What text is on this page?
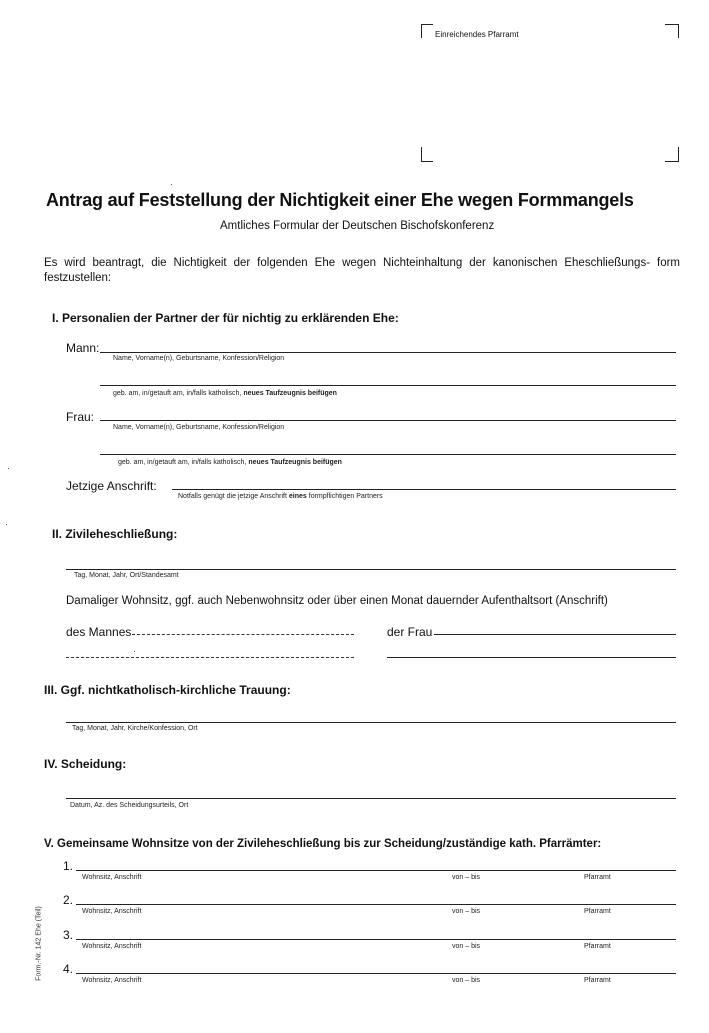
Einreichendes Pfarramt
Antrag auf Feststellung der Nichtigkeit einer Ehe wegen Formmangels
Amtliches Formular der Deutschen Bischofskonferenz
Es wird beantragt, die Nichtigkeit der folgenden Ehe wegen Nichteinhaltung der kanonischen Eheschließungs- form festzustellen:
I. Personalien der Partner der für nichtig zu erklärenden Ehe:
Mann:
Name, Vorname(n), Geburtsname, Konfession/Religion
geb. am, in/getauft am, in/falls katholisch, neues Taufzeugnis beifügen
Frau:
Name, Vorname(n), Geburtsname, Konfession/Religion
geb. am, in/getauft am, in/falls katholisch, neues Taufzeugnis beifügen
Jetzige Anschrift:
Notfalls genügt die jetzige Anschrift eines formpflichtigen Partners
II. Zivileheschließung:
Tag, Monat, Jahr, Ort/Standesamt
Damaliger Wohnsitz, ggf. auch Nebenwohnsitz oder über einen Monat dauernder Aufenthaltsort (Anschrift)
des Mannes	der Frau
III. Ggf. nichtkatholisch-kirchliche Trauung:
Tag, Monat, Jahr, Kirche/Konfession, Ort
IV. Scheidung:
Datum, Az. des Scheidungsurteils, Ort
V. Gemeinsame Wohnsitze von der Zivileheschließung bis zur Scheidung/zuständige kath. Pfarrämter:
1.
Wohnsitz, Anschrift	von – bis	Pfarramt
2.
Wohnsitz, Anschrift	von – bis	Pfarramt
3.
Wohnsitz, Anschrift	von – bis	Pfarramt
4.
Wohnsitz, Anschrift	von – bis	Pfarramt
Form.-Nr. 142 Ehe (Teil)
